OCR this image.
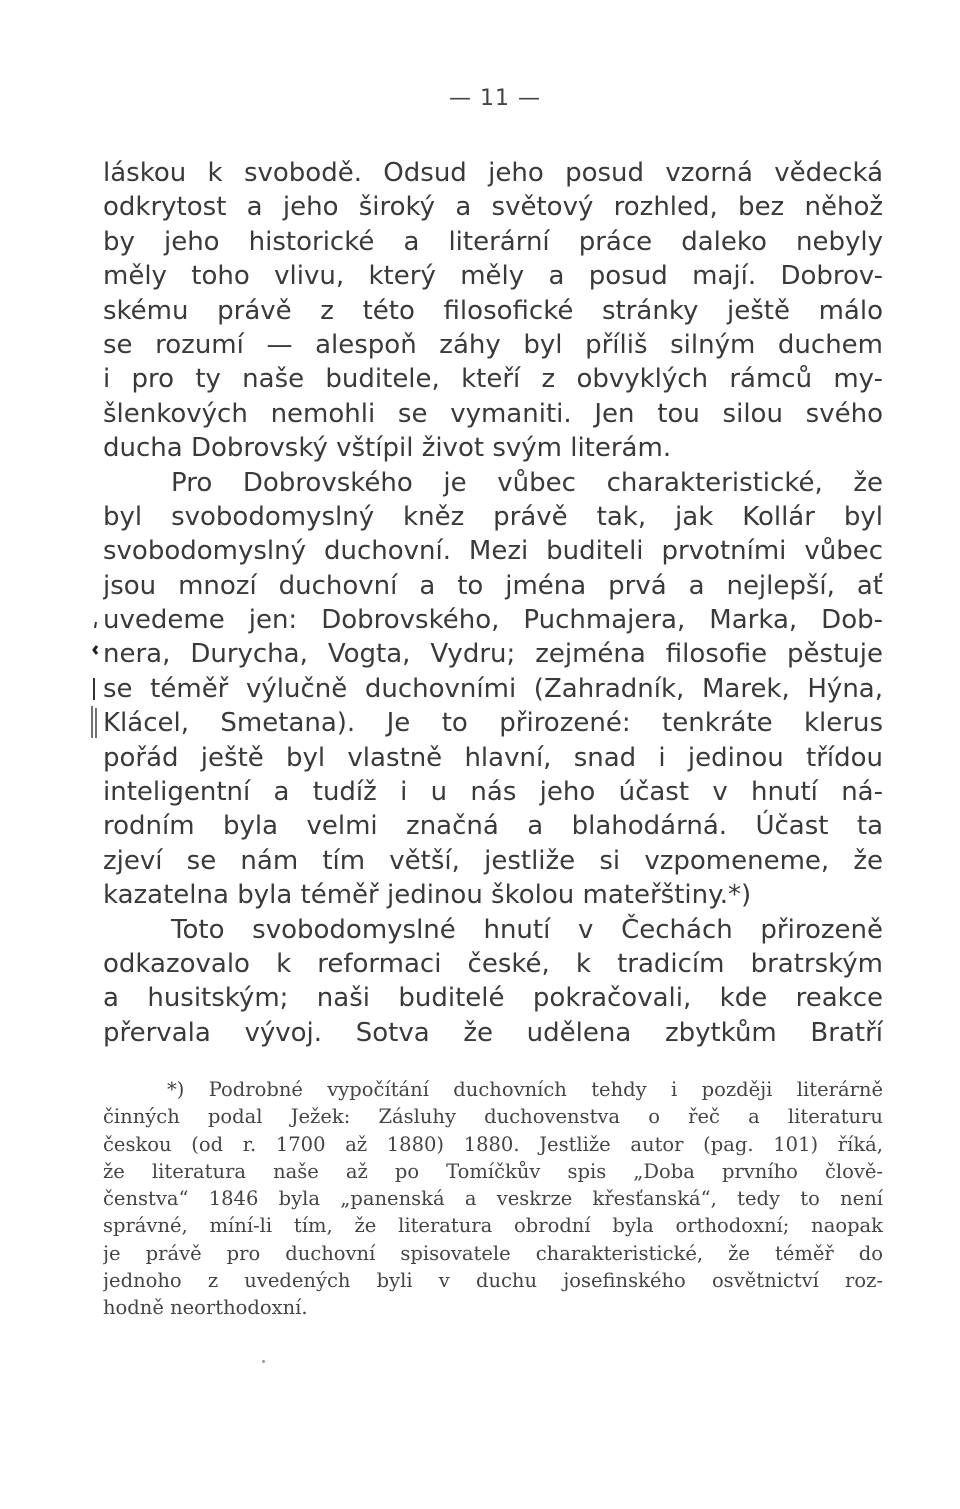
— 11 —
láskou k svobodě. Odsud jeho posud vzorná vědecká
odkrytost a jeho široký a světový rozhled, bez něhož
by jeho historické a literární práce daleko nebyly
měly toho vlivu, který měly a posud mají. Dobrov-
skému právě z této filosofické stránky ještě málo
se rozumí — alespoň záhy byl příliš silným duchem
i pro ty naše buditele, kteří z obvyklých rámců my-
šlenkových nemohli se vymaniti. Jen tou silou svého
ducha Dobrovský vštípil život svým literám.
Pro Dobrovského je vůbec charakteristické, že
byl svobodomyslný kněz právě tak, jak Kollár byl
svobodomyslný duchovní. Mezi buditeli prvotními vůbec
jsou mnozí duchovní a to jména prvá a nejlepší, ať
uvedeme jen: Dobrovského, Puchmajera, Marka, Dob-
nera, Durycha, Vogta, Vydru; zejména filosofie pěstuje
se téměř výlučně duchovními (Zahradník, Marek, Hýna,
Klácel, Smetana). Je to přirozené: tenkráte klerus
pořád ještě byl vlastně hlavní, snad i jedinou třídou
inteligentní a tudíž i u nás jeho účast v hnutí ná-
rodním byla velmi značná a blahodárná. Účast ta
zjeví se nám tím větší, jestliže si vzpomeneme, že
kazatelna byla téměř jedinou školou mateřštiny.*)
Toto svobodomyslné hnutí v Čechách přirozeně
odkazovalo k reformaci české, k tradicím bratrským
a husitským; naši buditelé pokračovali, kde reakce
přervala vývoj. Sotva že udělena zbytkům Bratří
*) Podrobné vypočítání duchovních tehdy i později literárně
činných podal Ježek: Zásluhy duchovenstva o řeč a literaturu
českou (od r. 1700 až 1880) 1880. Jestliže autor (pag. 101) říká,
že literatura naše až po Tomíčkův spis „Doba prvního člově-
čenstva“ 1846 byla „panenská a veskrze křesťanská“, tedy to není
správné, míní-li tím, že literatura obrodní byla orthodoxní; naopak
je právě pro duchovní spisovatele charakteristické, že téměř do
jednoho z uvedených byli v duchu josefinského osvětnictví roz-
hodně neorthodoxní.
